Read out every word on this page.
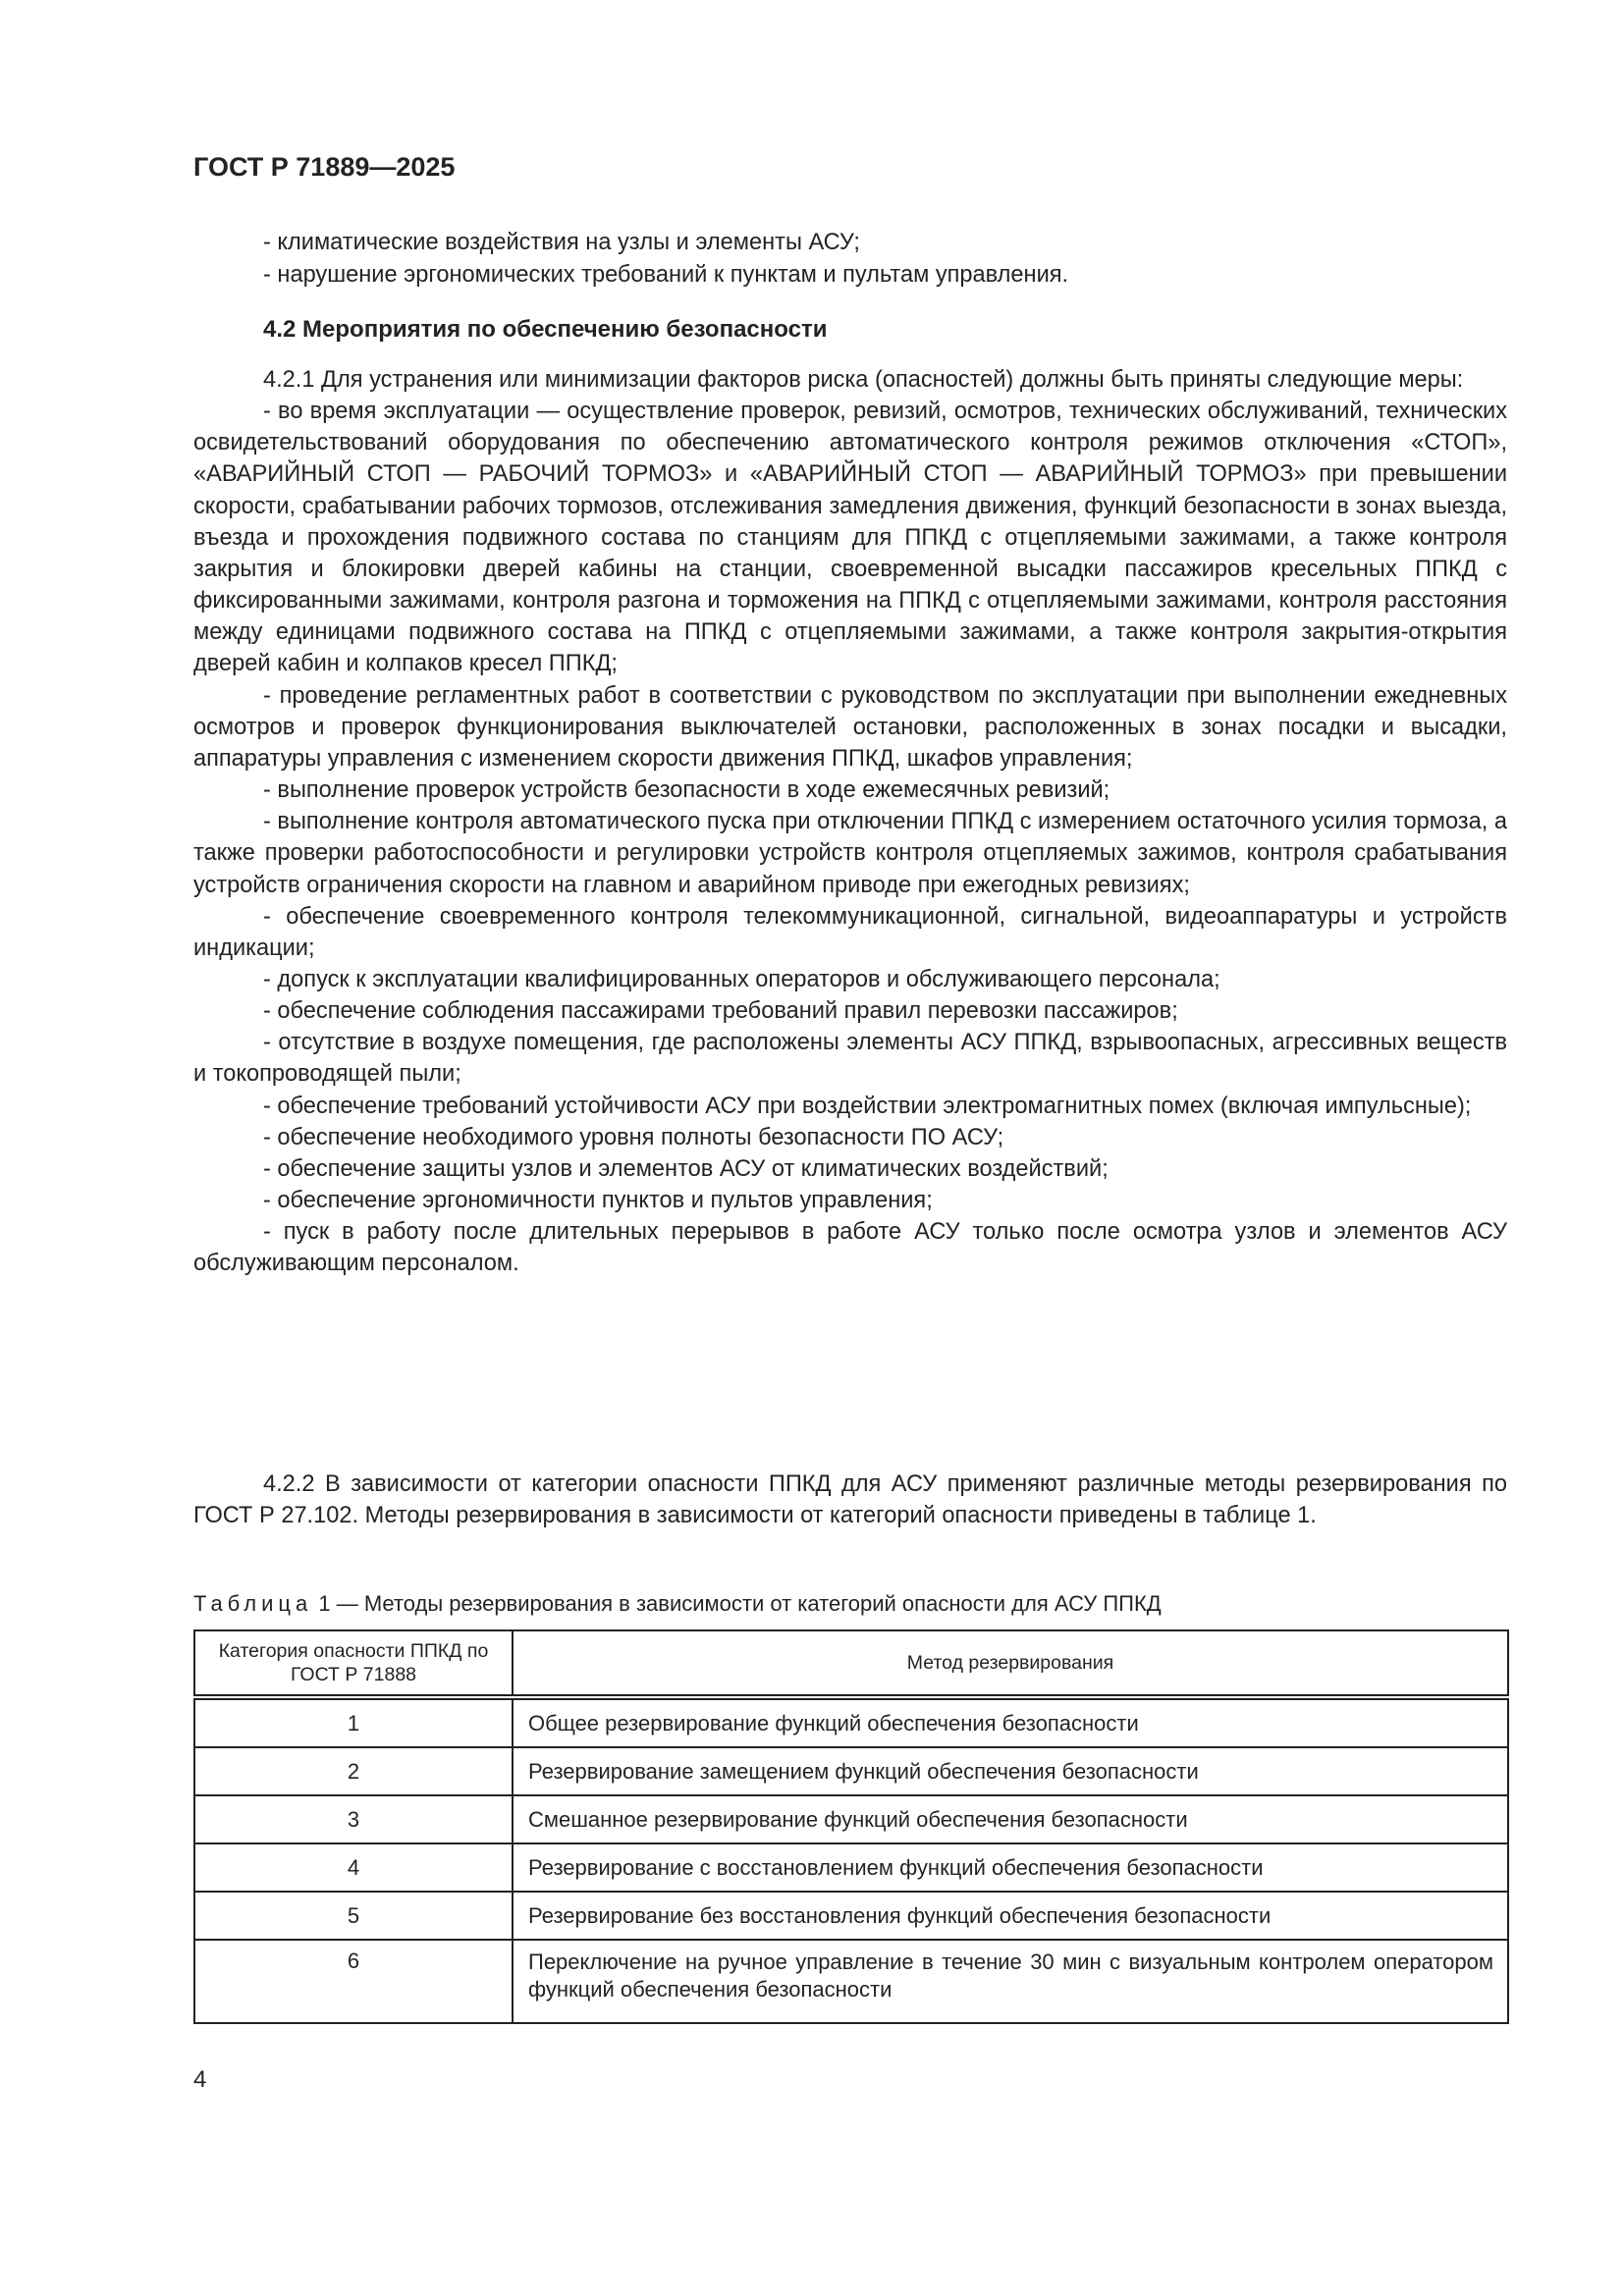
ГОСТ Р 71889—2025

- климатические воздействия на узлы и элементы АСУ;

- нарушение эргономических требований к пунктам и пультам управления.

4.2 Мероприятия по обеспечению безопасности

4.2.1 Для устранения или минимизации факторов риска (опасностей) должны быть приняты следующие меры:

- во время эксплуатации — осуществление проверок, ревизий, осмотров, технических обслуживаний, технических освидетельствований оборудования по обеспечению автоматического контроля режимов отключения «СТОП», «АВАРИЙНЫЙ СТОП — РАБОЧИЙ ТОРМОЗ» и «АВАРИЙНЫЙ СТОП — АВАРИЙНЫЙ ТОРМОЗ» при превышении скорости, срабатывании рабочих тормозов, отслеживания замедления движения, функций безопасности в зонах выезда, въезда и прохождения подвижного состава по станциям для ППКД с отцепляемыми зажимами, а также контроля закрытия и блокировки дверей кабины на станции, своевременной высадки пассажиров кресельных ППКД с фиксированными зажимами, контроля разгона и торможения на ППКД с отцепляемыми зажимами, контроля расстояния между единицами подвижного состава на ППКД с отцепляемыми зажимами, а также контроля закрытия-открытия дверей кабин и колпаков кресел ППКД;

- проведение регламентных работ в соответствии с руководством по эксплуатации при выполнении ежедневных осмотров и проверок функционирования выключателей остановки, расположенных в зонах посадки и высадки, аппаратуры управления с изменением скорости движения ППКД, шкафов управления;

- выполнение проверок устройств безопасности в ходе ежемесячных ревизий;

- выполнение контроля автоматического пуска при отключении ППКД с измерением остаточного усилия тормоза, а также проверки работоспособности и регулировки устройств контроля отцепляемых зажимов, контроля срабатывания устройств ограничения скорости на главном и аварийном приводе при ежегодных ревизиях;

- обеспечение своевременного контроля телекоммуникационной, сигнальной, видеоаппаратуры и устройств индикации;

- допуск к эксплуатации квалифицированных операторов и обслуживающего персонала;

- обеспечение соблюдения пассажирами требований правил перевозки пассажиров;

- отсутствие в воздухе помещения, где расположены элементы АСУ ППКД, взрывоопасных, агрессивных веществ и токопроводящей пыли;

- обеспечение требований устойчивости АСУ при воздействии электромагнитных помех (включая импульсные);

- обеспечение необходимого уровня полноты безопасности ПО АСУ;

- обеспечение защиты узлов и элементов АСУ от климатических воздействий;

- обеспечение эргономичности пунктов и пультов управления;

- пуск в работу после длительных перерывов в работе АСУ только после осмотра узлов и элементов АСУ обслуживающим персоналом.

4.2.2 В зависимости от категории опасности ППКД для АСУ применяют различные методы резервирования по ГОСТ Р 27.102. Методы резервирования в зависимости от категорий опасности приведены в таблице 1.

Таблица 1 — Методы резервирования в зависимости от категорий опасности для АСУ ППКД
Категория опасности ППКД по ГОСТ Р 71888	Метод резервирования
1	Общее резервирование функций обеспечения безопасности
2	Резервирование замещением функций обеспечения безопасности
3	Смешанное резервирование функций обеспечения безопасности
4	Резервирование с восстановлением функций обеспечения безопасности
5	Резервирование без восстановления функций обеспечения безопасности
6	Переключение на ручное управление в течение 30 мин с визуальным контролем оператором функций обеспечения безопасности
4
